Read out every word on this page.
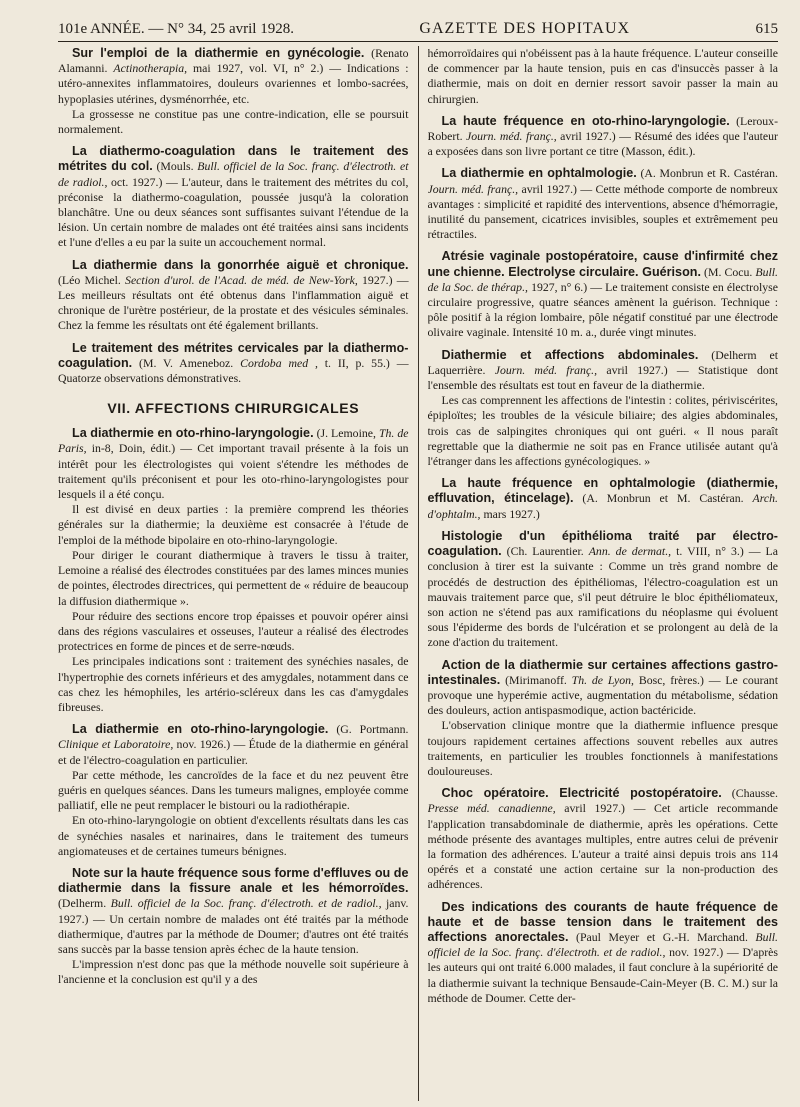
101e ANNÉE. — N° 34, 25 avril 1928.	GAZETTE DES HOPITAUX	615

Sur l'emploi de la diathermie en gynécologie. (Renato Alamanni. Actinotherapia, mai 1927, vol. VI, n° 2.) — Indications : utéro-annexites inflammatoires, douleurs ovariennes et lombo-sacrées, hypoplasies utérines, dysménorrhée, etc.

La grossesse ne constitue pas une contre-indication, elle se poursuit normalement.

La diathermo-coagulation dans le traitement des métrites du col. (Mouls. Bull. officiel de la Soc. franç. d'électroth. et de radiol., oct. 1927.) — L'auteur, dans le traitement des métrites du col, préconise la diathermo-coagulation, poussée jusqu'à la coloration blanchâtre. Une ou deux séances sont suffisantes suivant l'étendue de la lésion. Un certain nombre de malades ont été traitées ainsi sans incidents et l'une d'elles a eu par la suite un accouchement normal.

La diathermie dans la gonorrhée aiguë et chronique. (Léo Michel. Section d'urol. de l'Acad. de méd. de New-York, 1927.) — Les meilleurs résultats ont été obtenus dans l'inflammation aiguë et chronique de l'urètre postérieur, de la prostate et des vésicules séminales. Chez la femme les résultats ont été également brillants.

Le traitement des métrites cervicales par la diathermo-coagulation. (M. V. Ameneboz. Cordoba med , t. II, p. 55.) — Quatorze observations démonstratives.

VII. AFFECTIONS CHIRURGICALES

La diathermie en oto-rhino-laryngologie. (J. Lemoine, Th. de Paris, in-8, Doin, édit.) — Cet important travail présente à la fois un intérêt pour les électrologistes qui voient s'étendre les méthodes de traitement qu'ils préconisent et pour les oto-rhino-laryngologistes pour lesquels il a été conçu.

Il est divisé en deux parties : la première comprend les théories générales sur la diathermie; la deuxième est consacrée à l'étude de l'emploi de la méthode bipolaire en oto-rhino-laryngologie.

Pour diriger le courant diathermique à travers le tissu à traiter, Lemoine a réalisé des électrodes constituées par des lames minces munies de pointes, électrodes directrices, qui permettent de « réduire de beaucoup la diffusion diathermique ».

Pour réduire des sections encore trop épaisses et pouvoir opérer ainsi dans des régions vasculaires et osseuses, l'auteur a réalisé des électrodes protectrices en forme de pinces et de serre-nœuds.

Les principales indications sont : traitement des synéchies nasales, de l'hypertrophie des cornets inférieurs et des amygdales, notamment dans ce cas chez les hémophiles, les artério-scléreux dans les cas d'amygdales fibreuses.

La diathermie en oto-rhino-laryngologie. (G. Portmann. Clinique et Laboratoire, nov. 1926.) — Étude de la diathermie en général et de l'électro-coagulation en particulier.

Par cette méthode, les cancroïdes de la face et du nez peuvent être guéris en quelques séances. Dans les tumeurs malignes, employée comme palliatif, elle ne peut remplacer le bistouri ou la radiothérapie.

En oto-rhino-laryngologie on obtient d'excellents résultats dans les cas de synéchies nasales et narinaires, dans le traitement des tumeurs angiomateuses et de certaines tumeurs bénignes.

Note sur la haute fréquence sous forme d'effluves ou de diathermie dans la fissure anale et les hémorroïdes. (Delherm. Bull. officiel de la Soc. franç. d'électroth. et de radiol., janv. 1927.) — Un certain nombre de malades ont été traités par la méthode diathermique, d'autres par la méthode de Doumer; d'autres ont été traités sans succès par la basse tension après échec de la haute tension.

L'impression n'est donc pas que la méthode nouvelle soit supérieure à l'ancienne et la conclusion est qu'il y a des

hémorroïdaires qui n'obéissent pas à la haute fréquence. L'auteur conseille de commencer par la haute tension, puis en cas d'insuccès passer à la diathermie, mais on doit en dernier ressort savoir passer la main au chirurgien.

La haute fréquence en oto-rhino-laryngologie. (Leroux-Robert. Journ. méd. franç., avril 1927.) — Résumé des idées que l'auteur a exposées dans son livre portant ce titre (Masson, édit.).

La diathermie en ophtalmologie. (A. Monbrun et R. Castéran. Journ. méd. franç., avril 1927.) — Cette méthode comporte de nombreux avantages : simplicité et rapidité des interventions, absence d'hémorragie, inutilité du pansement, cicatrices invisibles, souples et extrêmement peu rétractiles.

Atrésie vaginale postopératoire, cause d'infirmité chez une chienne. Electrolyse circulaire. Guérison. (M. Cocu. Bull. de la Soc. de thérap., 1927, n° 6.) — Le traitement consiste en électrolyse circulaire progressive, quatre séances amènent la guérison. Technique : pôle positif à la région lombaire, pôle négatif constitué par une électrode olivaire vaginale. Intensité 10 m. a., durée vingt minutes.

Diathermie et affections abdominales. (Delherm et Laquerrière. Journ. méd. franç., avril 1927.) — Statistique dont l'ensemble des résultats est tout en faveur de la diathermie.

Les cas comprennent les affections de l'intestin : colites, périviscérites, épiploïtes; les troubles de la vésicule biliaire; des algies abdominales, trois cas de salpingites chroniques qui ont guéri. « Il nous paraît regrettable que la diathermie ne soit pas en France utilisée autant qu'à l'étranger dans les affections gynécologiques. »

La haute fréquence en ophtalmologie (diathermie, effluvation, étincelage). (A. Monbrun et M. Castéran. Arch. d'ophtalm., mars 1927.)

Histologie d'un épithélioma traité par électro-coagulation. (Ch. Laurentier. Ann. de dermat., t. VIII, n° 3.) — La conclusion à tirer est la suivante : Comme un très grand nombre de procédés de destruction des épithéliomas, l'électro-coagulation est un mauvais traitement parce que, s'il peut détruire le bloc épithéliomateux, son action ne s'étend pas aux ramifications du néoplasme qui évoluent sous l'épiderme des bords de l'ulcération et se prolongent au delà de la zone d'action du traitement.

Action de la diathermie sur certaines affections gastro-intestinales. (Mirimanoff. Th. de Lyon, Bosc, frères.) — Le courant provoque une hyperémie active, augmentation du métabolisme, sédation des douleurs, action antispasmodique, action bactéricide.

L'observation clinique montre que la diathermie influence presque toujours rapidement certaines affections souvent rebelles aux autres traitements, en particulier les troubles fonctionnels à manifestations douloureuses.

Choc opératoire. Electricité postopératoire. (Chausse. Presse méd. canadienne, avril 1927.) — Cet article recommande l'application transabdominale de diathermie, après les opérations. Cette méthode présente des avantages multiples, entre autres celui de prévenir la formation des adhérences. L'auteur a traité ainsi depuis trois ans 114 opérés et a constaté une action certaine sur la non-production des adhérences.

Des indications des courants de haute fréquence de haute et de basse tension dans le traitement des affections anorectales. (Paul Meyer et G.-H. Marchand. Bull. officiel de la Soc. franç. d'électroth. et de radiol., nov. 1927.) — D'après les auteurs qui ont traité 6.000 malades, il faut conclure à la supériorité de la diathermie suivant la technique Bensaude-Cain-Meyer (B. C. M.) sur la méthode de Doumer. Cette der-
